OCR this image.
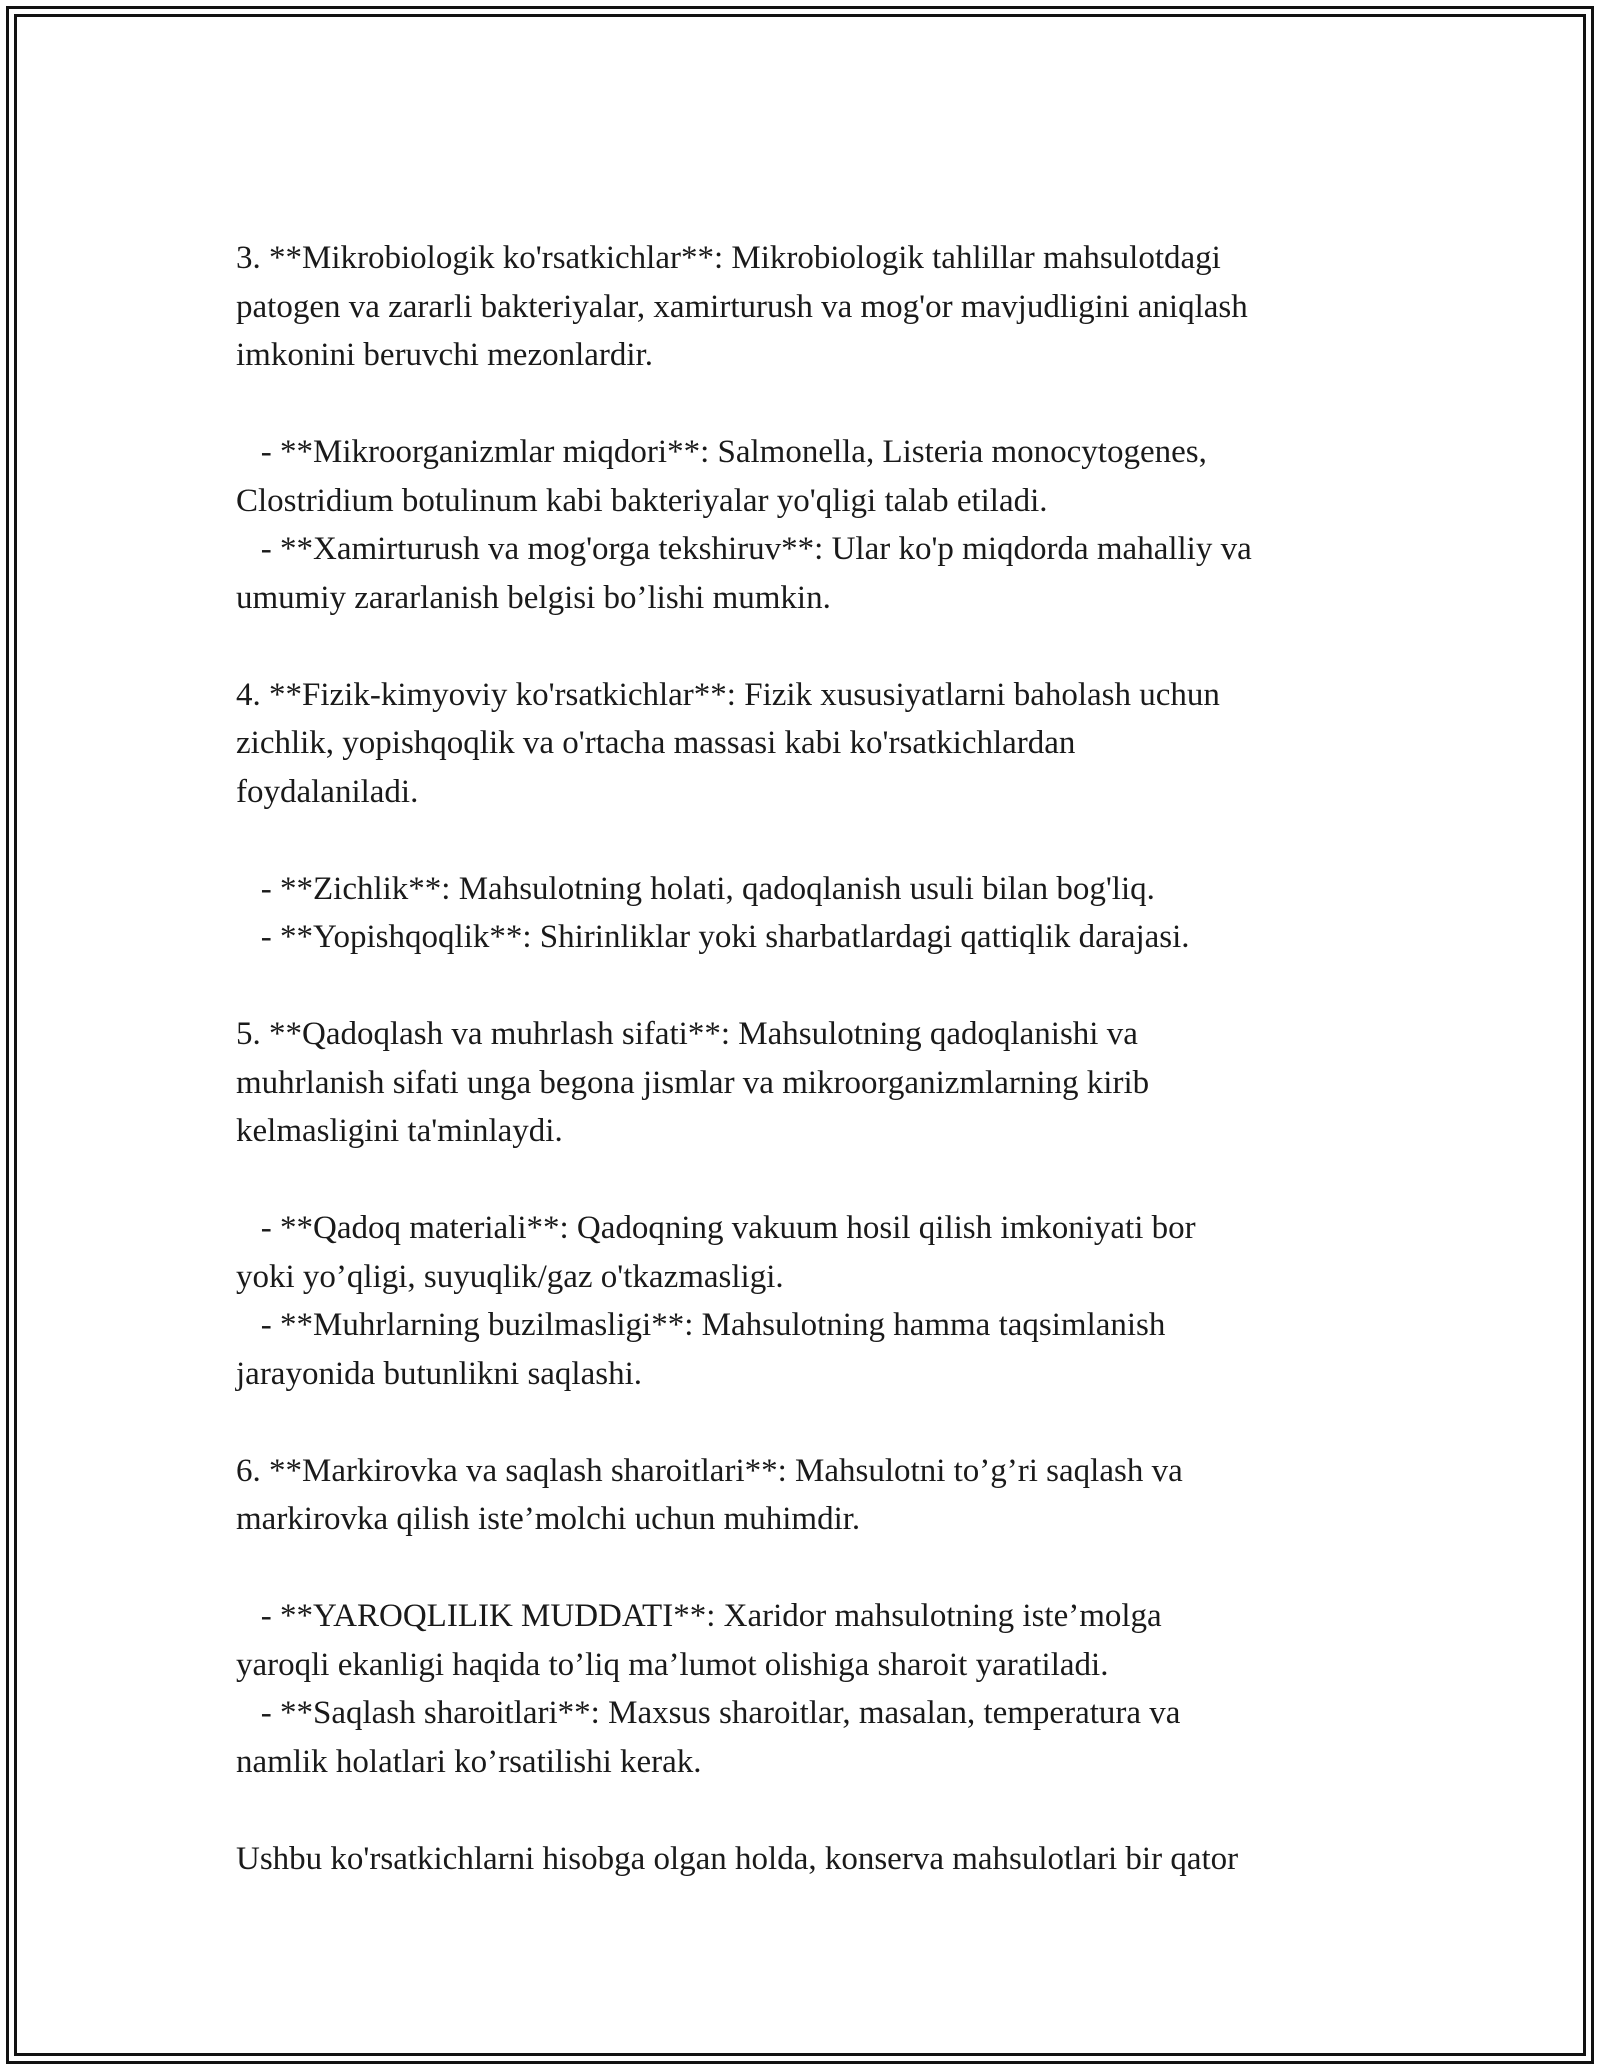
3. **Mikrobiologik ko'rsatkichlar**: Mikrobiologik tahlillar mahsulotdagi
patogen va zararli bakteriyalar, xamirturush va mog'or mavjudligini aniqlash
imkonini beruvchi mezonlardir.
- **Mikroorganizmlar miqdori**: Salmonella, Listeria monocytogenes,
Clostridium botulinum kabi bakteriyalar yo'qligi talab etiladi.
- **Xamirturush va mog'orga tekshiruv**: Ular ko'p miqdorda mahalliy va
umumiy zararlanish belgisi bo’lishi mumkin.
4. **Fizik-kimyoviy ko'rsatkichlar**: Fizik xususiyatlarni baholash uchun
zichlik, yopishqoqlik va o'rtacha massasi kabi ko'rsatkichlardan
foydalaniladi.
- **Zichlik**: Mahsulotning holati, qadoqlanish usuli bilan bog'liq.
- **Yopishqoqlik**: Shirinliklar yoki sharbatlardagi qattiqlik darajasi.
5. **Qadoqlash va muhrlash sifati**: Mahsulotning qadoqlanishi va
muhrlanish sifati unga begona jismlar va mikroorganizmlarning kirib
kelmasligini ta'minlaydi.
- **Qadoq materiali**: Qadoqning vakuum hosil qilish imkoniyati bor
yoki yo’qligi, suyuqlik/gaz o'tkazmasligi.
- **Muhrlarning buzilmasligi**: Mahsulotning hamma taqsimlanish
jarayonida butunlikni saqlashi.
6. **Markirovka va saqlash sharoitlari**: Mahsulotni to’g’ri saqlash va
markirovka qilish iste’molchi uchun muhimdir.
- **YAROQLILIK MUDDATI**: Xaridor mahsulotning iste’molga
yaroqli ekanligi haqida to’liq ma’lumot olishiga sharoit yaratiladi.
- **Saqlash sharoitlari**: Maxsus sharoitlar, masalan, temperatura va
namlik holatlari ko’rsatilishi kerak.
Ushbu ko'rsatkichlarni hisobga olgan holda, konserva mahsulotlari bir qator
